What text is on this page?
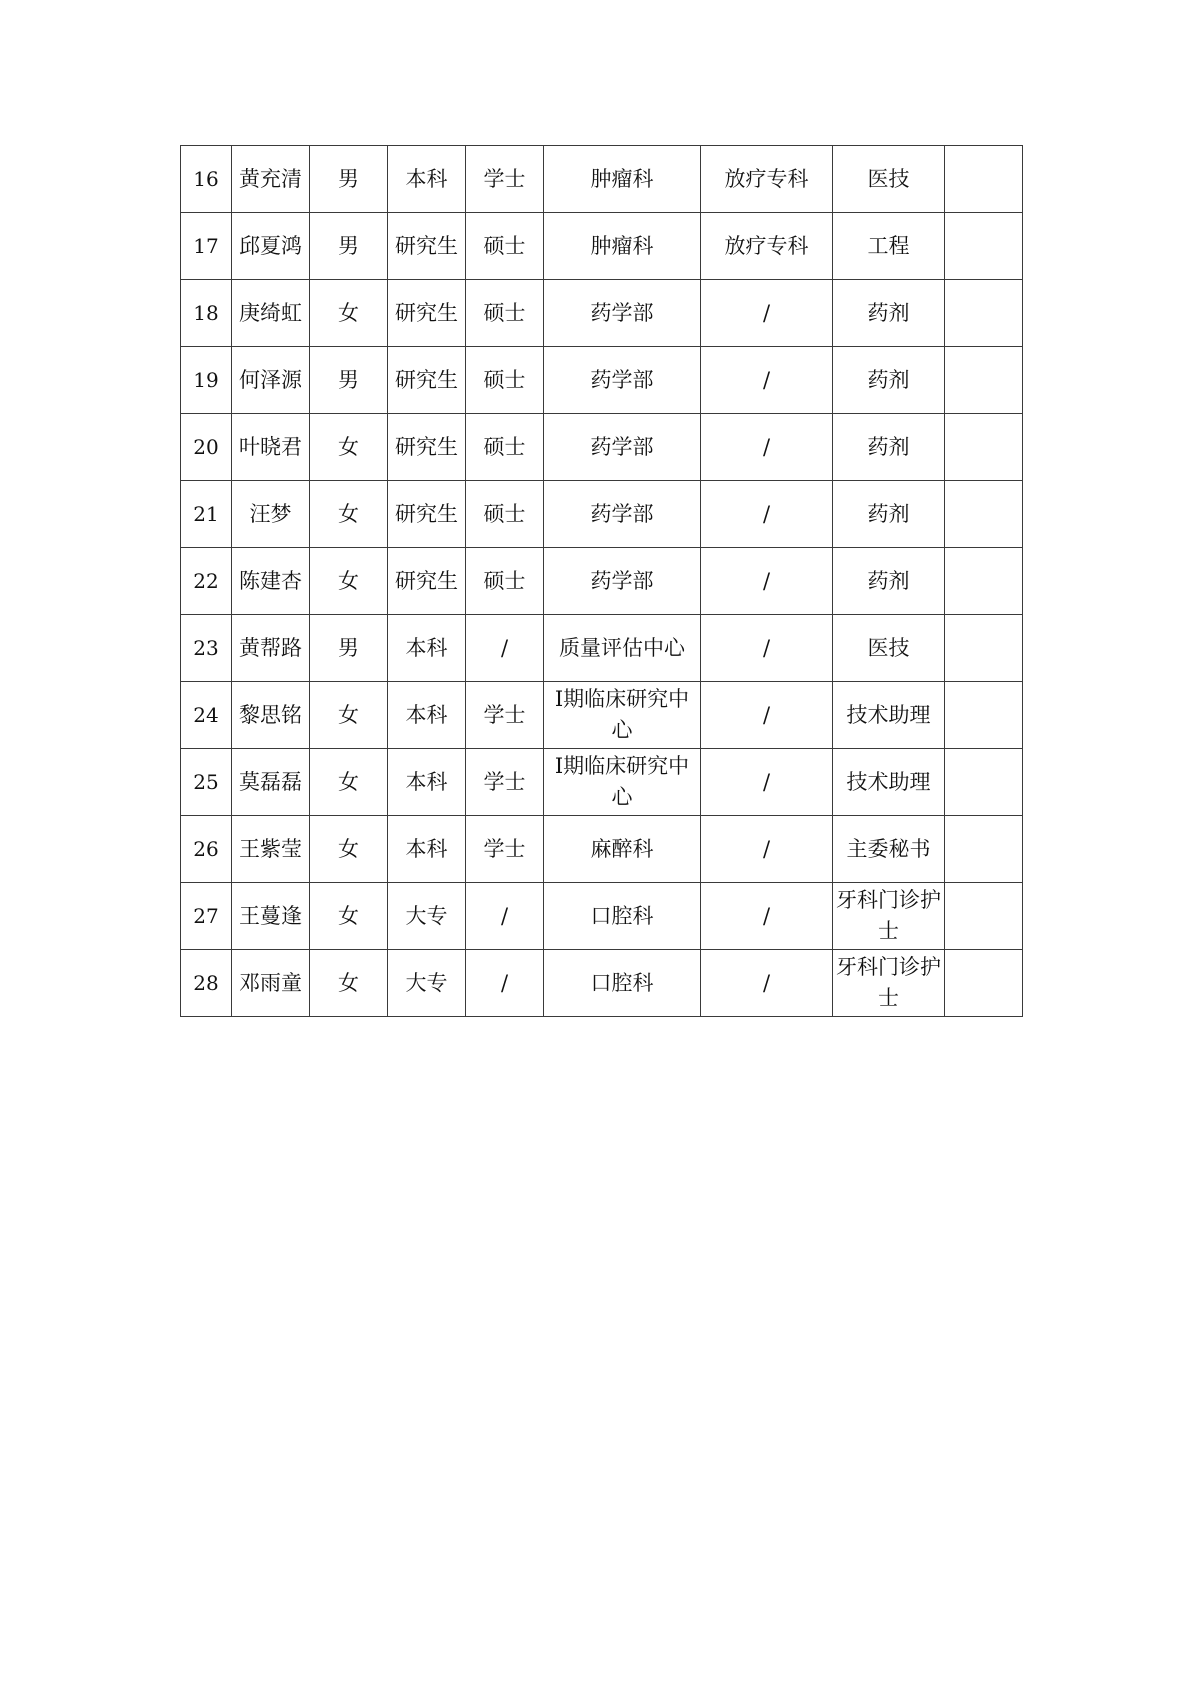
16	黄充清	男	本科	学士	肿瘤科	放疗专科	医技	
17	邱夏鸿	男	研究生	硕士	肿瘤科	放疗专科	工程	
18	庚绮虹	女	研究生	硕士	药学部	/	药剂	
19	何泽源	男	研究生	硕士	药学部	/	药剂	
20	叶晓君	女	研究生	硕士	药学部	/	药剂	
21	汪梦	女	研究生	硕士	药学部	/	药剂	
22	陈建杏	女	研究生	硕士	药学部	/	药剂	
23	黄帮路	男	本科	/	质量评估中心	/	医技	
24	黎思铭	女	本科	学士	I期临床研究中心	/	技术助理	
25	莫磊磊	女	本科	学士	I期临床研究中心	/	技术助理	
26	王紫莹	女	本科	学士	麻醉科	/	主委秘书	
27	王蔓逢	女	大专	/	口腔科	/	牙科门诊护士	
28	邓雨童	女	大专	/	口腔科	/	牙科门诊护士	
